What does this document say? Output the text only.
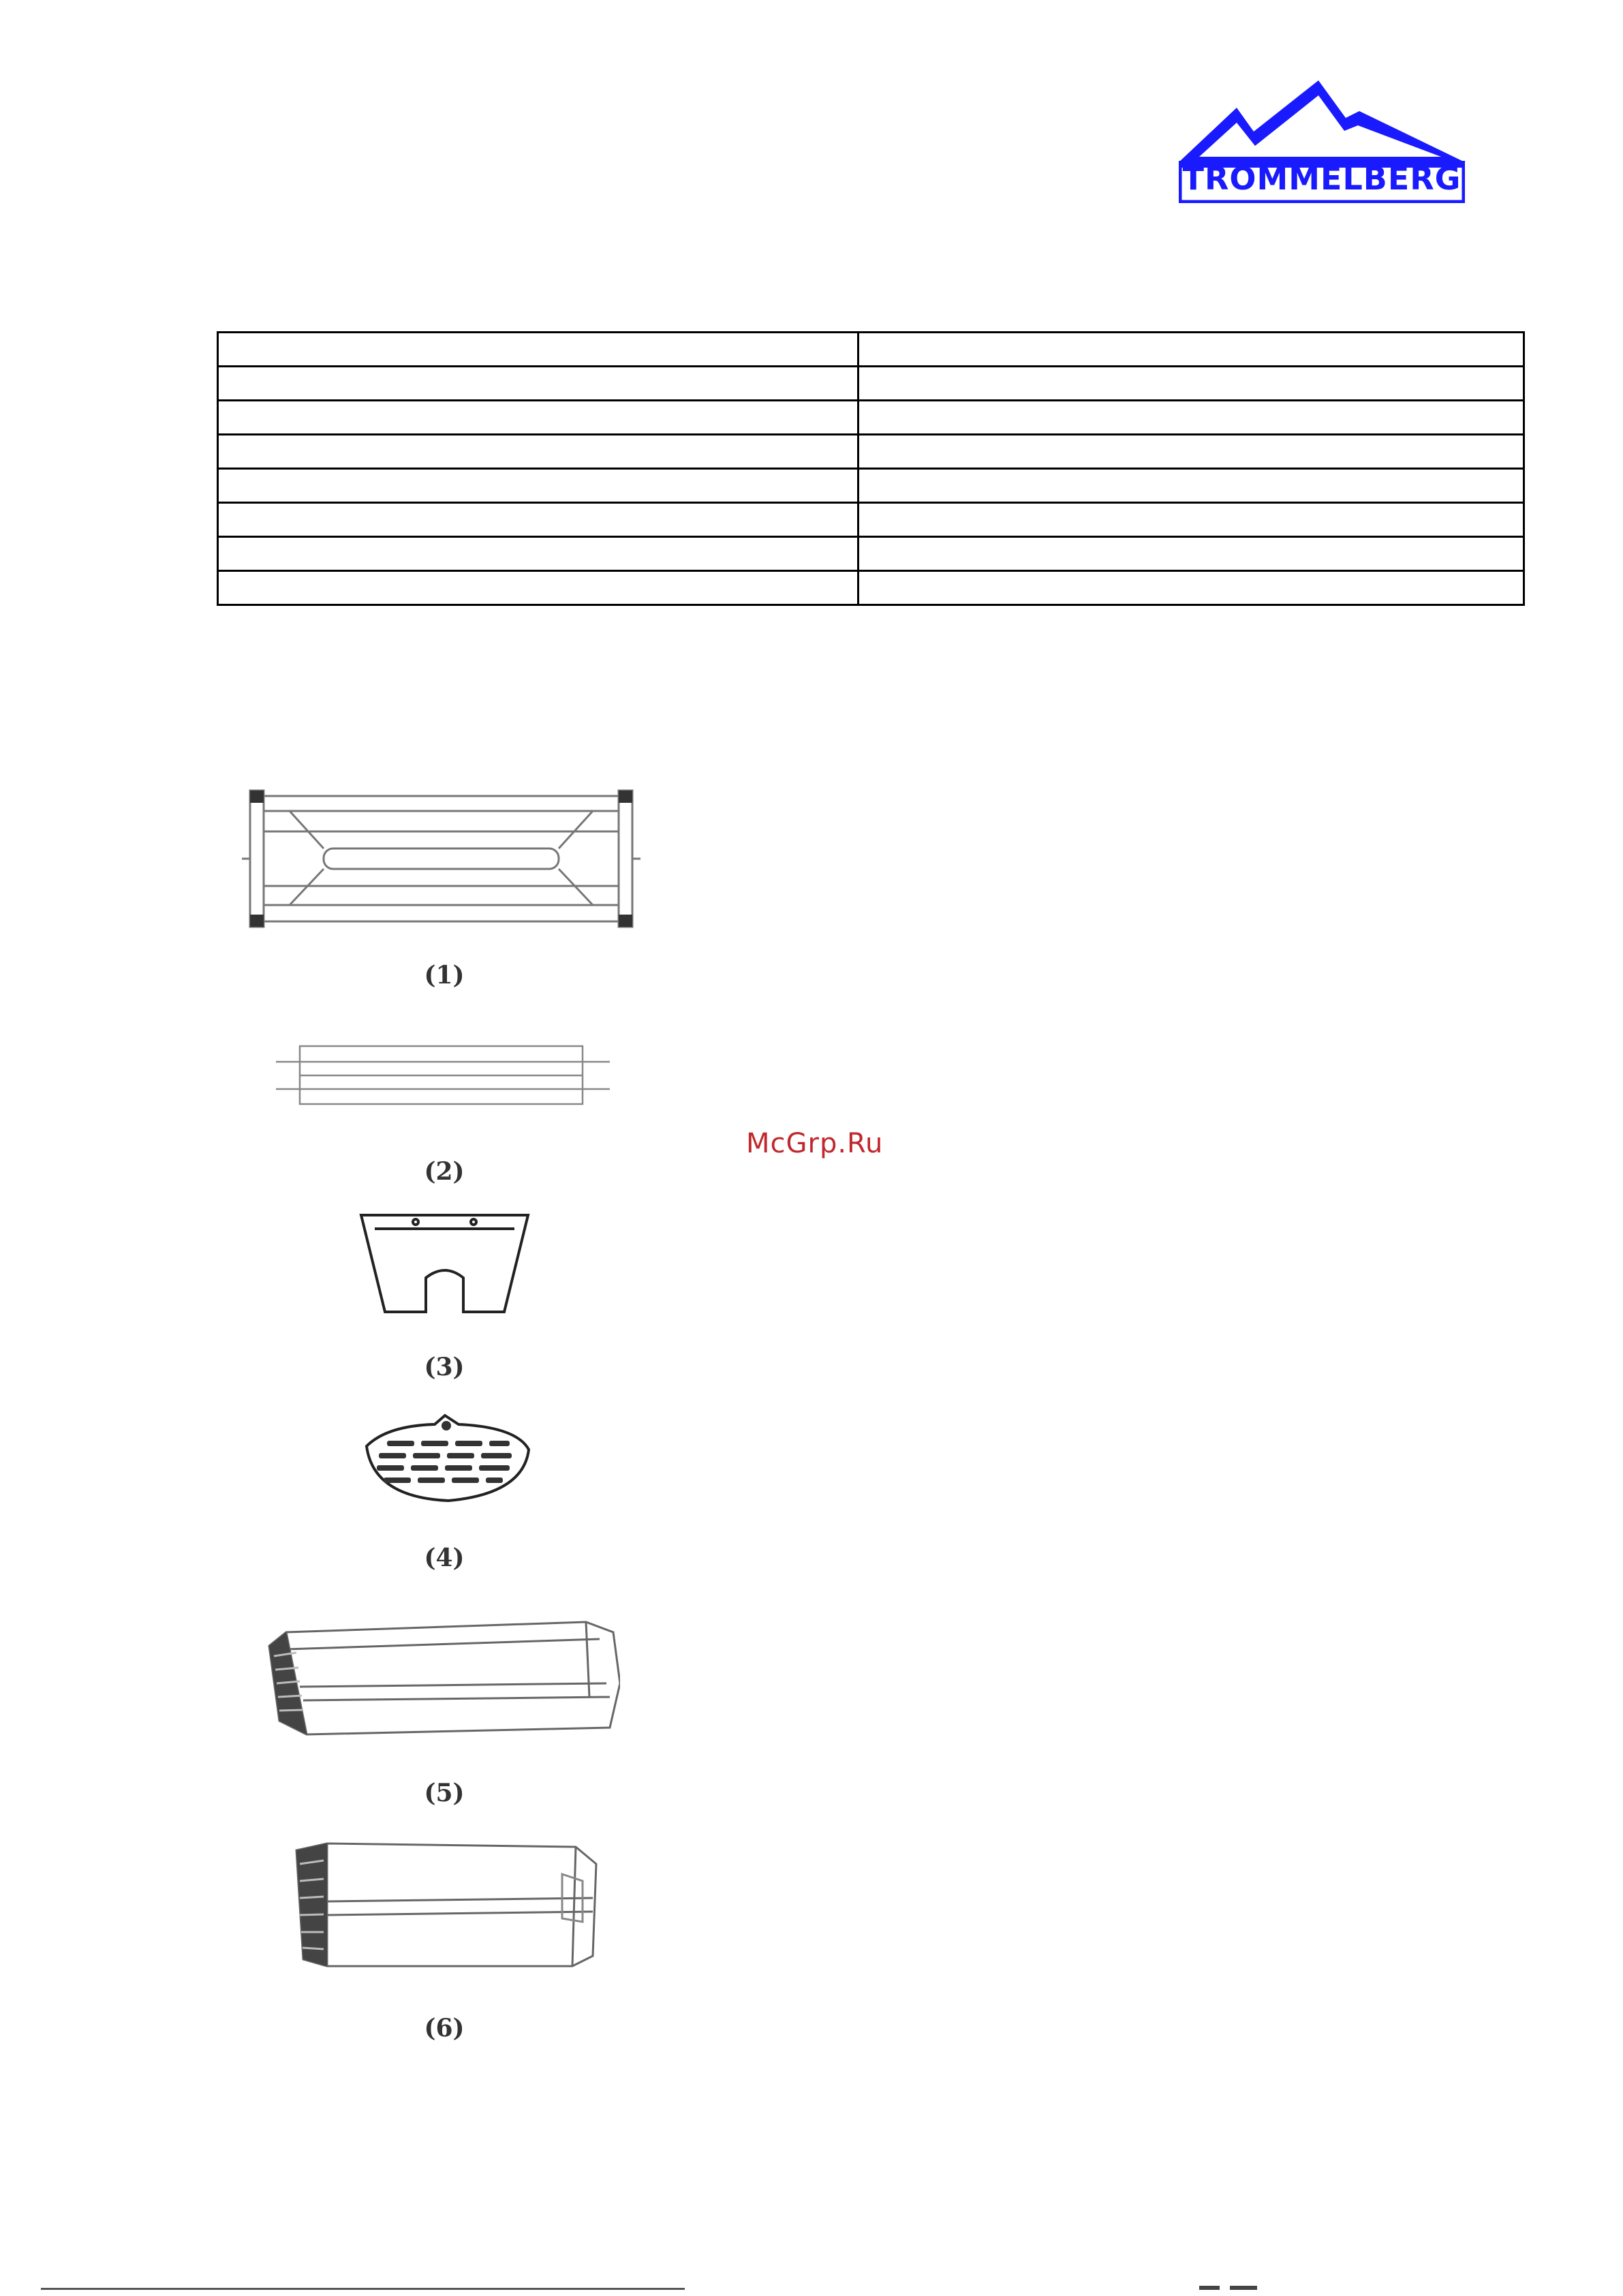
TROMMELBERG

(1)
(2)
(3)
(4)
(5)
(6)
McGrp.Ru
